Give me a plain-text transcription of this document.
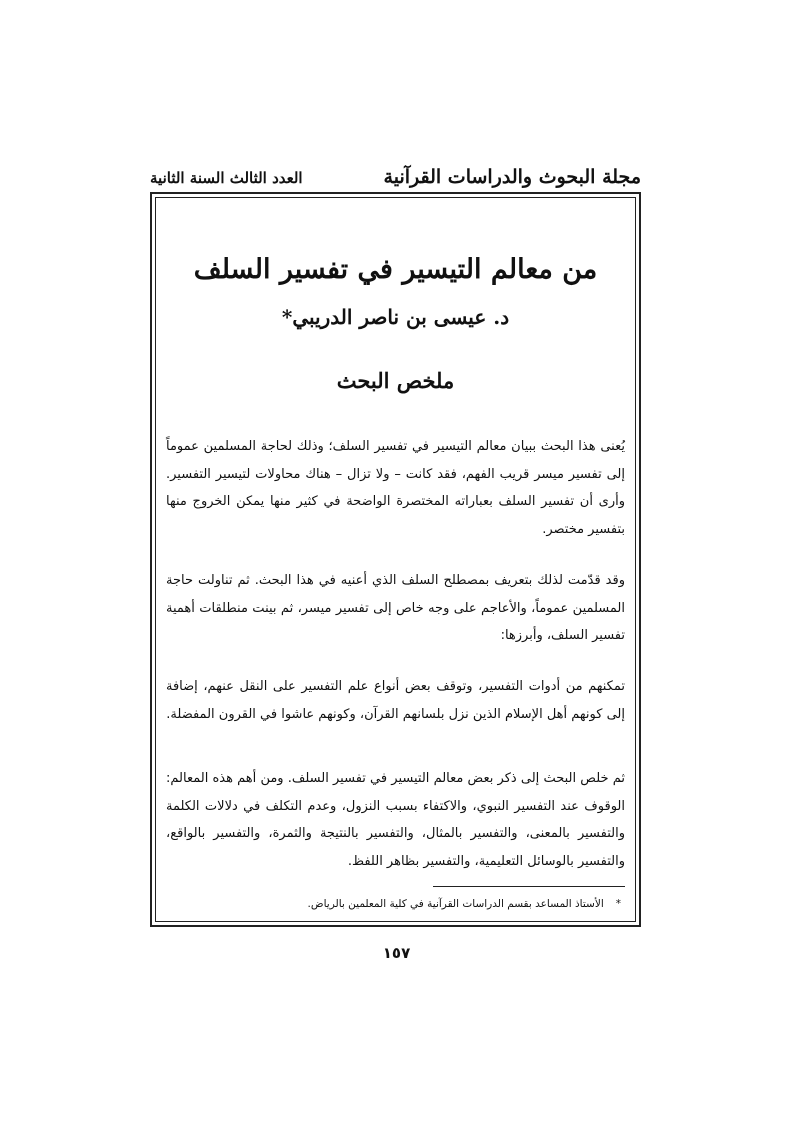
مجلة البحوث والدراسات القرآنية
العدد الثالث السنة الثانية
من معالم التيسير في تفسير السلف
د. عيسى بن ناصر الدريبي*
ملخص البحث

يُعنى هذا البحث ببيان معالم التيسير في تفسير السلف؛ وذلك لحاجة المسلمين عموماً إلى تفسير ميسر قريب الفهم، فقد كانت – ولا تزال – هناك محاولات لتيسير التفسير. وأرى أن تفسير السلف بعباراته المختصرة الواضحة في كثير منها يمكن الخروج منها بتفسير مختصر.

وقد قدّمت لذلك بتعريف بمصطلح السلف الذي أعنيه في هذا البحث. ثم تناولت حاجة المسلمين عموماً، والأعاجم على وجه خاص إلى تفسير ميسر، ثم بينت منطلقات أهمية تفسير السلف، وأبرزها:

تمكنهم من أدوات التفسير، وتوقف بعض أنواع علم التفسير على النقل عنهم، إضافة إلى كونهم أهل الإسلام الذين نزل بلسانهم القرآن، وكونهم عاشوا في القرون المفضلة.

ثم خلص البحث إلى ذكر بعض معالم التيسير في تفسير السلف. ومن أهم هذه المعالم: الوقوف عند التفسير النبوي، والاكتفاء بسبب النزول، وعدم التكلف في دلالات الكلمة والتفسير بالمعنى، والتفسير بالمثال، والتفسير بالنتيجة والثمرة، والتفسير بالواقع، والتفسير بالوسائل التعليمية، والتفسير بظاهر اللفظ.

*الأستاذ المساعد بقسم الدراسات القرآنية في كلية المعلمين بالرياض.
١٥٧
